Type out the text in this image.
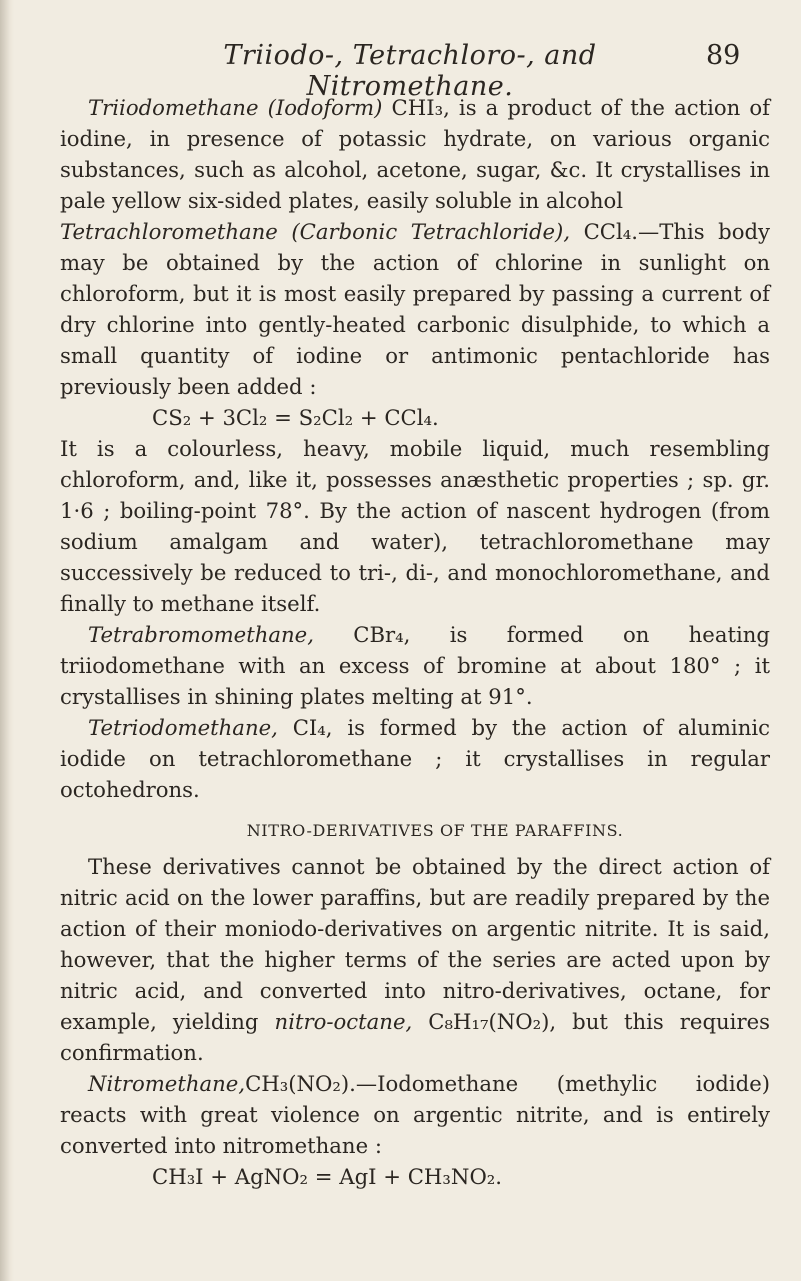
Triiodo-, Tetrachloro-, and Nitromethane.
89

Triiodomethane (Iodoform) CHI₃, is a product of the action of iodine, in presence of potassic hydrate, on various organic substances, such as alcohol, acetone, sugar, &c. It crystallises in pale yellow six-sided plates, easily soluble in alcohol

Tetrachloromethane (Carbonic Tetrachloride), CCl₄.—This body may be obtained by the action of chlorine in sunlight on chloroform, but it is most easily prepared by passing a current of dry chlorine into gently-heated carbonic disulphide, to which a small quantity of iodine or antimonic pentachloride has previously been added :

CS₂ + 3Cl₂ = S₂Cl₂ + CCl₄.

It is a colourless, heavy, mobile liquid, much resembling chloroform, and, like it, possesses anæsthetic properties ; sp. gr. 1·6 ; boiling-point 78°. By the action of nascent hydrogen (from sodium amalgam and water), tetrachloromethane may successively be reduced to tri-, di-, and monochloromethane, and finally to methane itself.

Tetrabromomethane, CBr₄, is formed on heating triiodomethane with an excess of bromine at about 180° ; it crystallises in shining plates melting at 91°.

Tetriodomethane, CI₄, is formed by the action of aluminic iodide on tetrachloromethane ; it crystallises in regular octohedrons.

NITRO-DERIVATIVES OF THE PARAFFINS.

These derivatives cannot be obtained by the direct action of nitric acid on the lower paraffins, but are readily prepared by the action of their moniodo-derivatives on argentic nitrite. It is said, however, that the higher terms of the series are acted upon by nitric acid, and converted into nitro-derivatives, octane, for example, yielding nitro-octane, C₈H₁₇(NO₂), but this requires confirmation.

Nitromethane,CH₃(NO₂).—Iodomethane (methylic iodide) reacts with great violence on argentic nitrite, and is entirely converted into nitromethane :

CH₃I + AgNO₂ = AgI + CH₃NO₂.
